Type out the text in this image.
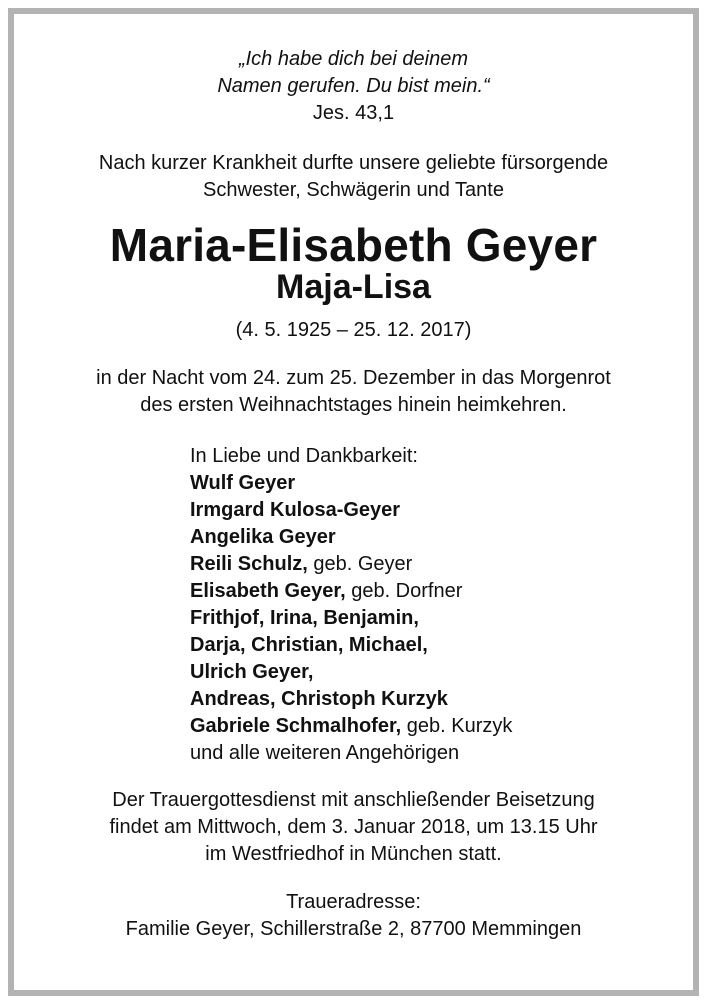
„Ich habe dich bei deinem
Namen gerufen. Du bist mein.“
Jes. 43,1
Nach kurzer Krankheit durfte unsere geliebte fürsorgende
Schwester, Schwägerin und Tante
Maria-Elisabeth Geyer
Maja-Lisa
(4. 5. 1925 – 25. 12. 2017)
in der Nacht vom 24. zum 25. Dezember in das Morgenrot
des ersten Weihnachtstages hinein heimkehren.
In Liebe und Dankbarkeit:
Wulf Geyer
Irmgard Kulosa-Geyer
Angelika Geyer
Reili Schulz, geb. Geyer
Elisabeth Geyer, geb. Dorfner
Frithjof, Irina, Benjamin,
Darja, Christian, Michael,
Ulrich Geyer,
Andreas, Christoph Kurzyk
Gabriele Schmalhofer, geb. Kurzyk
und alle weiteren Angehörigen
Der Trauergottesdienst mit anschließender Beisetzung
findet am Mittwoch, dem 3. Januar 2018, um 13.15 Uhr
im Westfriedhof in München statt.
Traueradresse:
Familie Geyer, Schillerstraße 2, 87700 Memmingen
